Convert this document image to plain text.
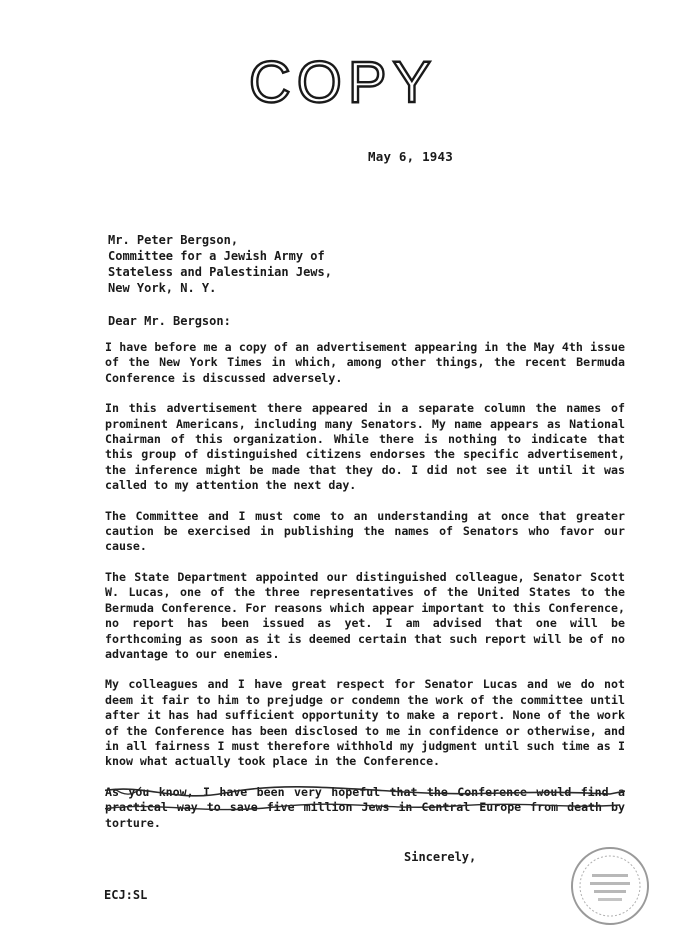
COPY
May 6, 1943
Mr. Peter Bergson,
Committee for a Jewish Army of
Stateless and Palestinian Jews,
New York, N. Y.
Dear Mr. Bergson:

I have before me a copy of an advertisement appearing in the May 4th issue of the New York Times in which, among other things, the recent Bermuda Conference is discussed adversely.

In this advertisement there appeared in a separate column the names of prominent Americans, including many Senators. My name appears as National Chairman of this organization. While there is nothing to indicate that this group of distinguished citizens endorses the specific advertisement, the inference might be made that they do. I did not see it until it was called to my attention the next day.

The Committee and I must come to an understanding at once that greater caution be exercised in publishing the names of Senators who favor our cause.

The State Department appointed our distinguished colleague, Senator Scott W. Lucas, one of the three representatives of the United States to the Bermuda Conference. For reasons which appear important to this Conference, no report has been issued as yet. I am advised that one will be forthcoming as soon as it is deemed certain that such report will be of no advantage to our enemies.

My colleagues and I have great respect for Senator Lucas and we do not deem it fair to him to prejudge or condemn the work of the committee until after it has had sufficient opportunity to make a report. None of the work of the Conference has been disclosed to me in confidence or otherwise, and in all fairness I must therefore withhold my judgment until such time as I know what actually took place in the Conference.

As you know, I have been very hopeful that the Conference would find a practical way to save five million Jews in Central Europe from death by torture.

Sincerely,
ECJ:SL
